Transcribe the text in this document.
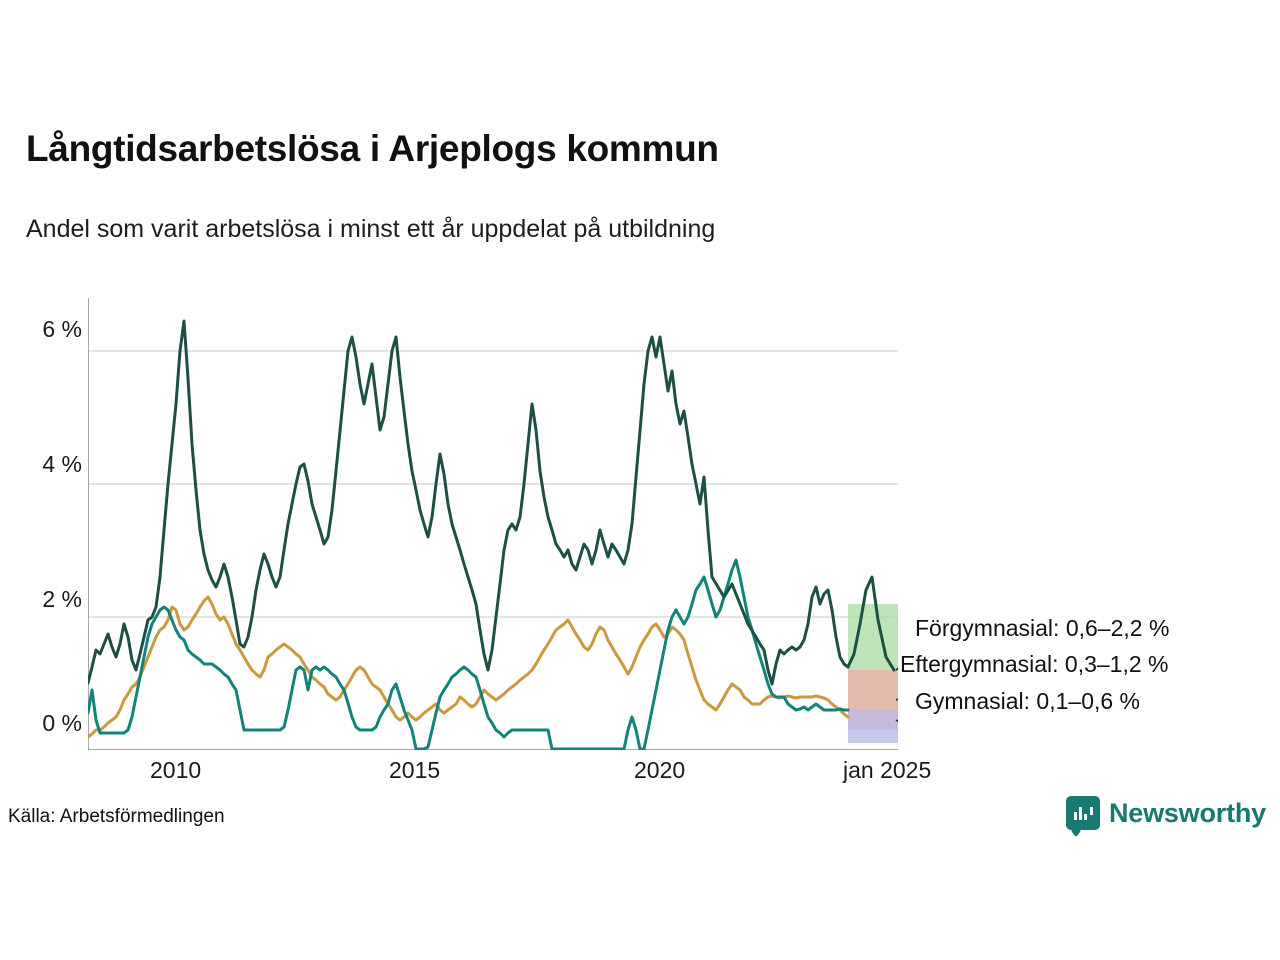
Långtidsarbetslösa i Arjeplogs kommun
Andel som varit arbetslösa i minst ett år uppdelat på utbildning
6 %
4 %
2 %
0 %
2010	2015	2020	jan 2025
Förgymnasial: 0,6–2,2 %
Eftergymnasial: 0,3–1,2 %
Gymnasial: 0,1–0,6 %
Källa: Arbetsförmedlingen	Newsworthy
